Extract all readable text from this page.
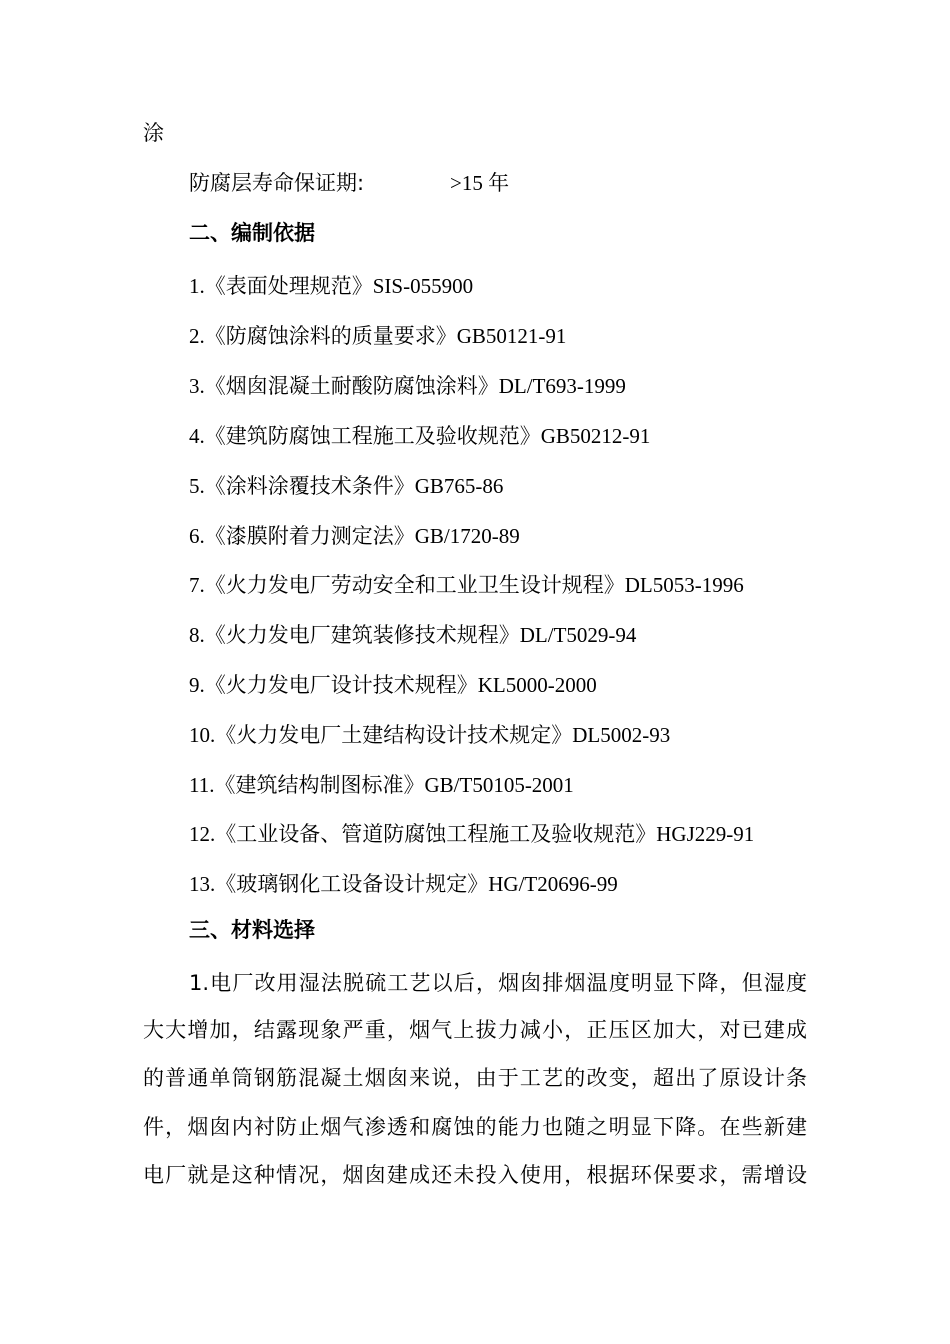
涂
防腐层寿命保证期:	>15 年
二、编制依据
1.《表面处理规范》SIS-055900
2.《防腐蚀涂料的质量要求》GB50121-91
3.《烟囱混凝土耐酸防腐蚀涂料》DL/T693-1999
4.《建筑防腐蚀工程施工及验收规范》GB50212-91
5.《涂料涂覆技术条件》GB765-86
6.《漆膜附着力测定法》GB/1720-89
7.《火力发电厂劳动安全和工业卫生设计规程》DL5053-1996
8.《火力发电厂建筑装修技术规程》DL/T5029-94
9.《火力发电厂设计技术规程》KL5000-2000
10.《火力发电厂土建结构设计技术规定》DL5002-93
11.《建筑结构制图标准》GB/T50105-2001
12.《工业设备、管道防腐蚀工程施工及验收规范》HGJ229-91
13.《玻璃钢化工设备设计规定》HG/T20696-99
三、材料选择
1.电厂改用湿法脱硫工艺以后，烟囱排烟温度明显下降，但湿度
大大增加，结露现象严重，烟气上拔力减小，正压区加大，对已建成
的普通单筒钢筋混凝土烟囱来说，由于工艺的改变，超出了原设计条
件，烟囱内衬防止烟气渗透和腐蚀的能力也随之明显下降。在些新建
电厂就是这种情况，烟囱建成还未投入使用，根据环保要求，需增设
